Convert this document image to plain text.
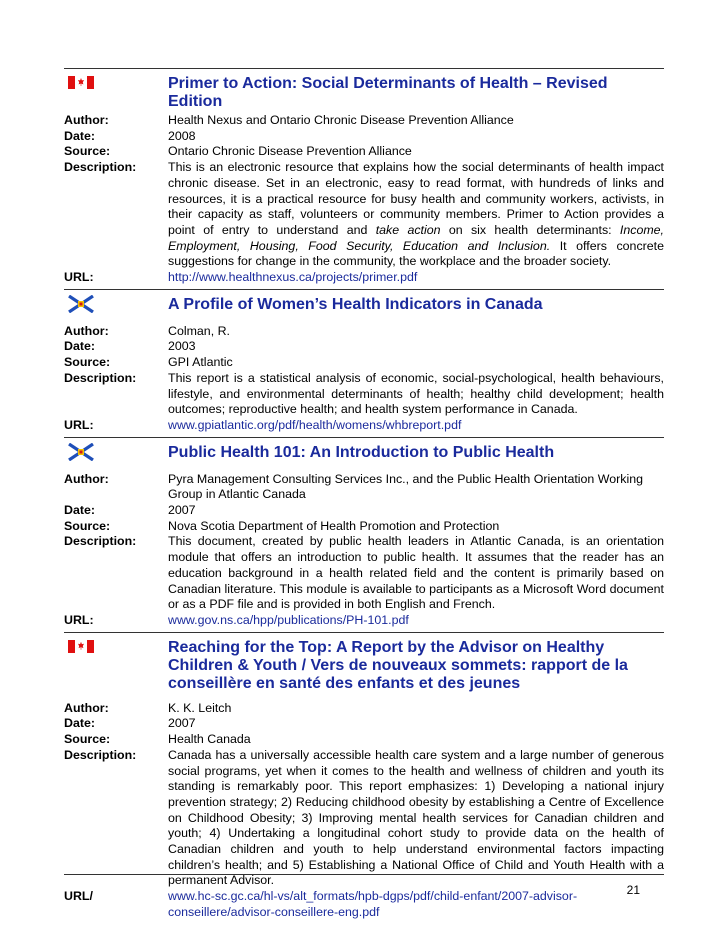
Primer to Action: Social Determinants of Health – Revised Edition
Author:	Health Nexus and Ontario Chronic Disease Prevention Alliance
Date:	2008
Source:	Ontario Chronic Disease Prevention Alliance
Description:	This is an electronic resource that explains how the social determinants of health impact chronic disease. Set in an electronic, easy to read format, with hundreds of links and resources, it is a practical resource for busy health and community workers, activists, in their capacity as staff, volunteers or community members. Primer to Action provides a point of entry to understand and take action on six health determinants: Income, Employment, Housing, Food Security, Education and Inclusion. It offers concrete suggestions for change in the community, the workplace and the broader society.
URL:	http://www.healthnexus.ca/projects/primer.pdf
A Profile of Women’s Health Indicators in Canada
Author:	Colman, R.
Date:	2003
Source:	GPI Atlantic
Description:	This report is a statistical analysis of economic, social-psychological, health behaviours, lifestyle, and environmental determinants of health; healthy child development; health outcomes; reproductive health; and health system performance in Canada.
URL:	www.gpiatlantic.org/pdf/health/womens/whbreport.pdf
Public Health 101: An Introduction to Public Health
Author:	Pyra Management Consulting Services Inc., and the Public Health Orientation Working Group in Atlantic Canada
Date:	2007
Source:	Nova Scotia Department of Health Promotion and Protection
Description:	This document, created by public health leaders in Atlantic Canada, is an orientation module that offers an introduction to public health. It assumes that the reader has an education background in a health related field and the content is primarily based on Canadian literature. This module is available to participants as a Microsoft Word document or as a PDF file and is provided in both English and French.
URL:	www.gov.ns.ca/hpp/publications/PH-101.pdf
Reaching for the Top: A Report by the Advisor on Healthy Children & Youth / Vers de nouveaux sommets: rapport de la conseillère en santé des enfants et des jeunes
Author:	K. K. Leitch
Date:	2007
Source:	Health Canada
Description:	Canada has a universally accessible health care system and a large number of generous social programs, yet when it comes to the health and wellness of children and youth its standing is remarkably poor. This report emphasizes: 1) Developing a national injury prevention strategy; 2) Reducing childhood obesity by establishing a Centre of Excellence on Childhood Obesity; 3) Improving mental health services for Canadian children and youth; 4) Undertaking a longitudinal cohort study to provide data on the health of Canadian children and youth to help understand environmental factors impacting children’s health; and 5) Establishing a National Office of Child and Youth Health with a permanent Advisor.
URL/	www.hc-sc.gc.ca/hl-vs/alt_formats/hpb-dgps/pdf/child-enfant/2007-advisor-conseillere/advisor-conseillere-eng.pdf
21
